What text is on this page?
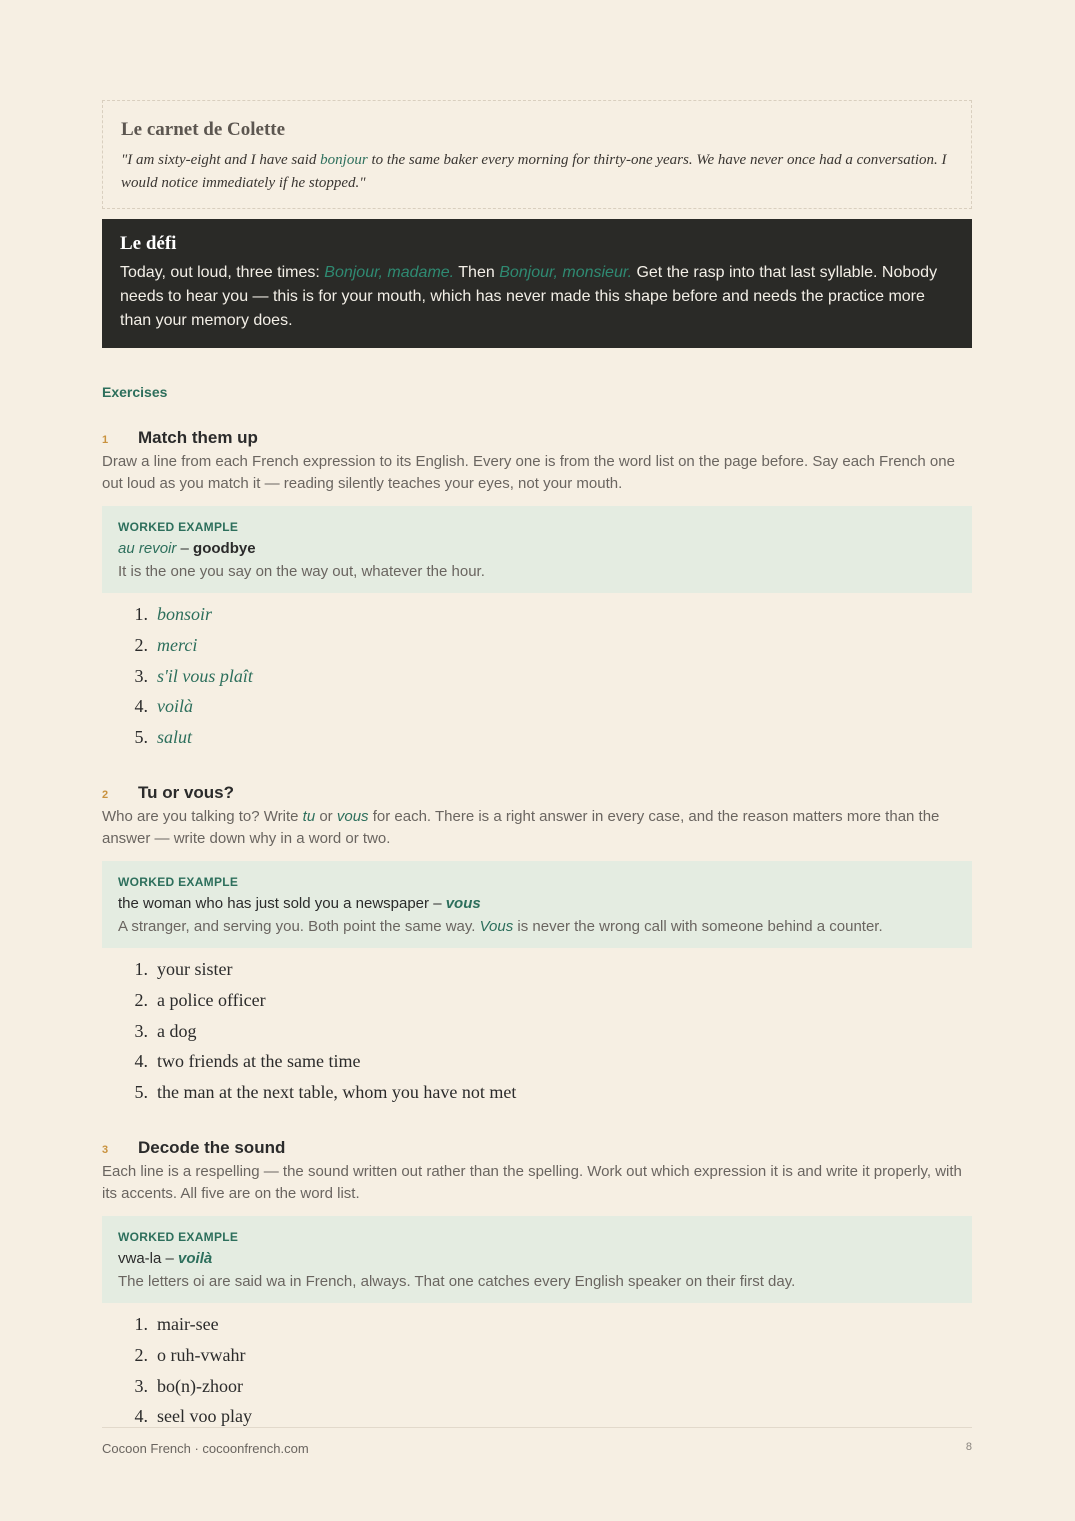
Le carnet de Colette

"I am sixty-eight and I have said bonjour to the same baker every morning for thirty-one years. We have never once had a conversation. I would notice immediately if he stopped."

Le défi

Today, out loud, three times: Bonjour, madame. Then Bonjour, monsieur. Get the rasp into that last syllable. Nobody needs to hear you — this is for your mouth, which has never made this shape before and needs the practice more than your memory does.

Exercises
1	Match them up

Draw a line from each French expression to its English. Every one is from the word list on the page before. Say each French one out loud as you match it — reading silently teaches your eyes, not your mouth.

WORKED EXAMPLE
au revoir – goodbye
It is the one you say on the way out, whatever the hour.
1.
bonsoir
2.
merci
3.
s'il vous plaît
4.
voilà
5.
salut
2	Tu or vous?

Who are you talking to? Write tu or vous for each. There is a right answer in every case, and the reason matters more than the answer — write down why in a word or two.

WORKED EXAMPLE
the woman who has just sold you a newspaper – vous
A stranger, and serving you. Both point the same way. Vous is never the wrong call with someone behind a counter.
1.
your sister
2.
a police officer
3.
a dog
4.
two friends at the same time
5.
the man at the next table, whom you have not met
3	Decode the sound

Each line is a respelling — the sound written out rather than the spelling. Work out which expression it is and write it properly, with its accents. All five are on the word list.

WORKED EXAMPLE
vwa-la – voilà
The letters oi are said wa in French, always. That one catches every English speaker on their first day.
1.
mair-see
2.
o ruh-vwahr
3.
bo(n)-zhoor
4.
seel voo play
Cocoon French · cocoonfrench.com	8
